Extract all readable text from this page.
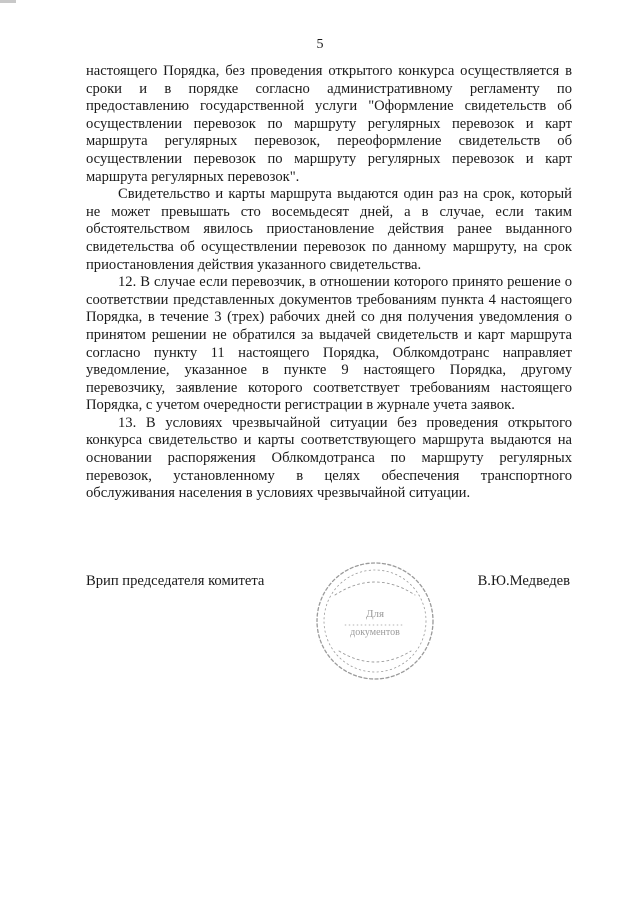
5

настоящего Порядка, без проведения открытого конкурса осуществляется в сроки и в порядке согласно административному регламенту по предоставлению государственной услуги "Оформление свидетельств об осуществлении перевозок по маршруту регулярных перевозок и карт маршрута регулярных перевозок, переоформление свидетельств об осуществлении перевозок по маршруту регулярных перевозок и карт маршрута регулярных перевозок".

Свидетельство и карты маршрута выдаются один раз на срок, который не может превышать сто восемьдесят дней, а в случае, если таким обстоятельством явилось приостановление действия ранее выданного свидетельства об осуществлении перевозок по данному маршруту, на срок приостановления действия указанного свидетельства.

12. В случае если перевозчик, в отношении которого принято решение о соответствии представленных документов требованиям пункта 4 настоящего Порядка, в течение 3 (трех) рабочих дней со дня получения уведомления о принятом решении не обратился за выдачей свидетельств и карт маршрута согласно пункту 11 настоящего Порядка, Облкомдотранс направляет уведомление, указанное в пункте 9 настоящего Порядка, другому перевозчику, заявление которого соответствует требованиям настоящего Порядка, с учетом очередности регистрации в журнале учета заявок.

13. В условиях чрезвычайной ситуации без проведения открытого конкурса свидетельство и карты соответствующего маршрута выдаются на основании распоряжения Облкомдотранса по маршруту регулярных перевозок, установленному в целях обеспечения транспортного обслуживания населения в условиях чрезвычайной ситуации.

Врип председателя комитета	В.Ю.Медведев
Для
документов
